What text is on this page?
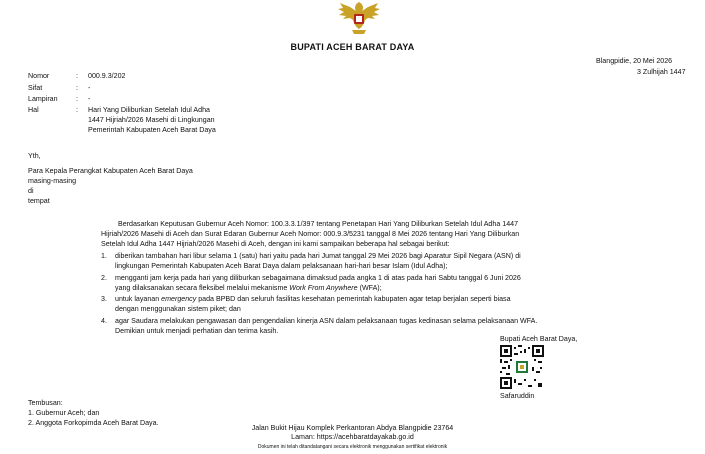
BUPATI ACEH BARAT DAYA
Blangpidie, 20 Mei 2026
3 Zulhijah 1447
Nomor	: 000.9.3/202
Sifat	: -
Lampiran	: -
Hal	: Hari Yang Diliburkan Setelah Idul Adha
1447 Hijriah/2026 Masehi di Lingkungan
Pemerintah Kabupaten Aceh Barat Daya
Yth,
Para Kepala Perangkat Kabupaten Aceh Barat Daya
masing-masing
di
tempat
Berdasarkan Keputusan Gubernur Aceh Nomor: 100.3.3.1/397 tentang Penetapan Hari Yang Diliburkan Setelah Idul Adha 1447
Hijriah/2026 Masehi di Aceh dan Surat Edaran Gubernur Aceh Nomor: 000.9.3/5231 tanggal 8 Mei 2026 tentang Hari Yang Diliburkan
Setelah Idul Adha 1447 Hijriah/2026 Masehi di Aceh, dengan ini kami sampaikan beberapa hal sebagai berikut:
1. diberikan tambahan hari libur selama 1 (satu) hari yaitu pada hari Jumat tanggal 29 Mei 2026 bagi Aparatur Sipil Negara (ASN) di
lingkungan Pemerintah Kabupaten Aceh Barat Daya dalam pelaksanaan hari-hari besar Islam (Idul Adha);
2. mengganti jam kerja pada hari yang diliburkan sebagaimana dimaksud pada angka 1 di atas pada hari Sabtu tanggal 6 Juni 2026
yang dilaksanakan secara fleksibel melalui mekanisme Work From Anywhere (WFA);
3. untuk layanan emergency pada BPBD dan seluruh fasilitas kesehatan pemerintah kabupaten agar tetap berjalan seperti biasa
dengan menggunakan sistem piket; dan
4. agar Saudara melakukan pengawasan dan pengendalian kinerja ASN dalam pelaksanaan tugas kedinasan selama pelaksanaan WFA.
Demikian untuk menjadi perhatian dan terima kasih.
Bupati Aceh Barat Daya,
Safaruddin
Tembusan:
1. Gubernur Aceh; dan
2. Anggota Forkopimda Aceh Barat Daya.
Jalan Bukit Hijau Komplek Perkantoran Abdya Blangpidie 23764
Laman: https://acehbaratdayakab.go.id
Dokumen ini telah ditandatangani secara elektronik menggunakan sertifikat elektronik
